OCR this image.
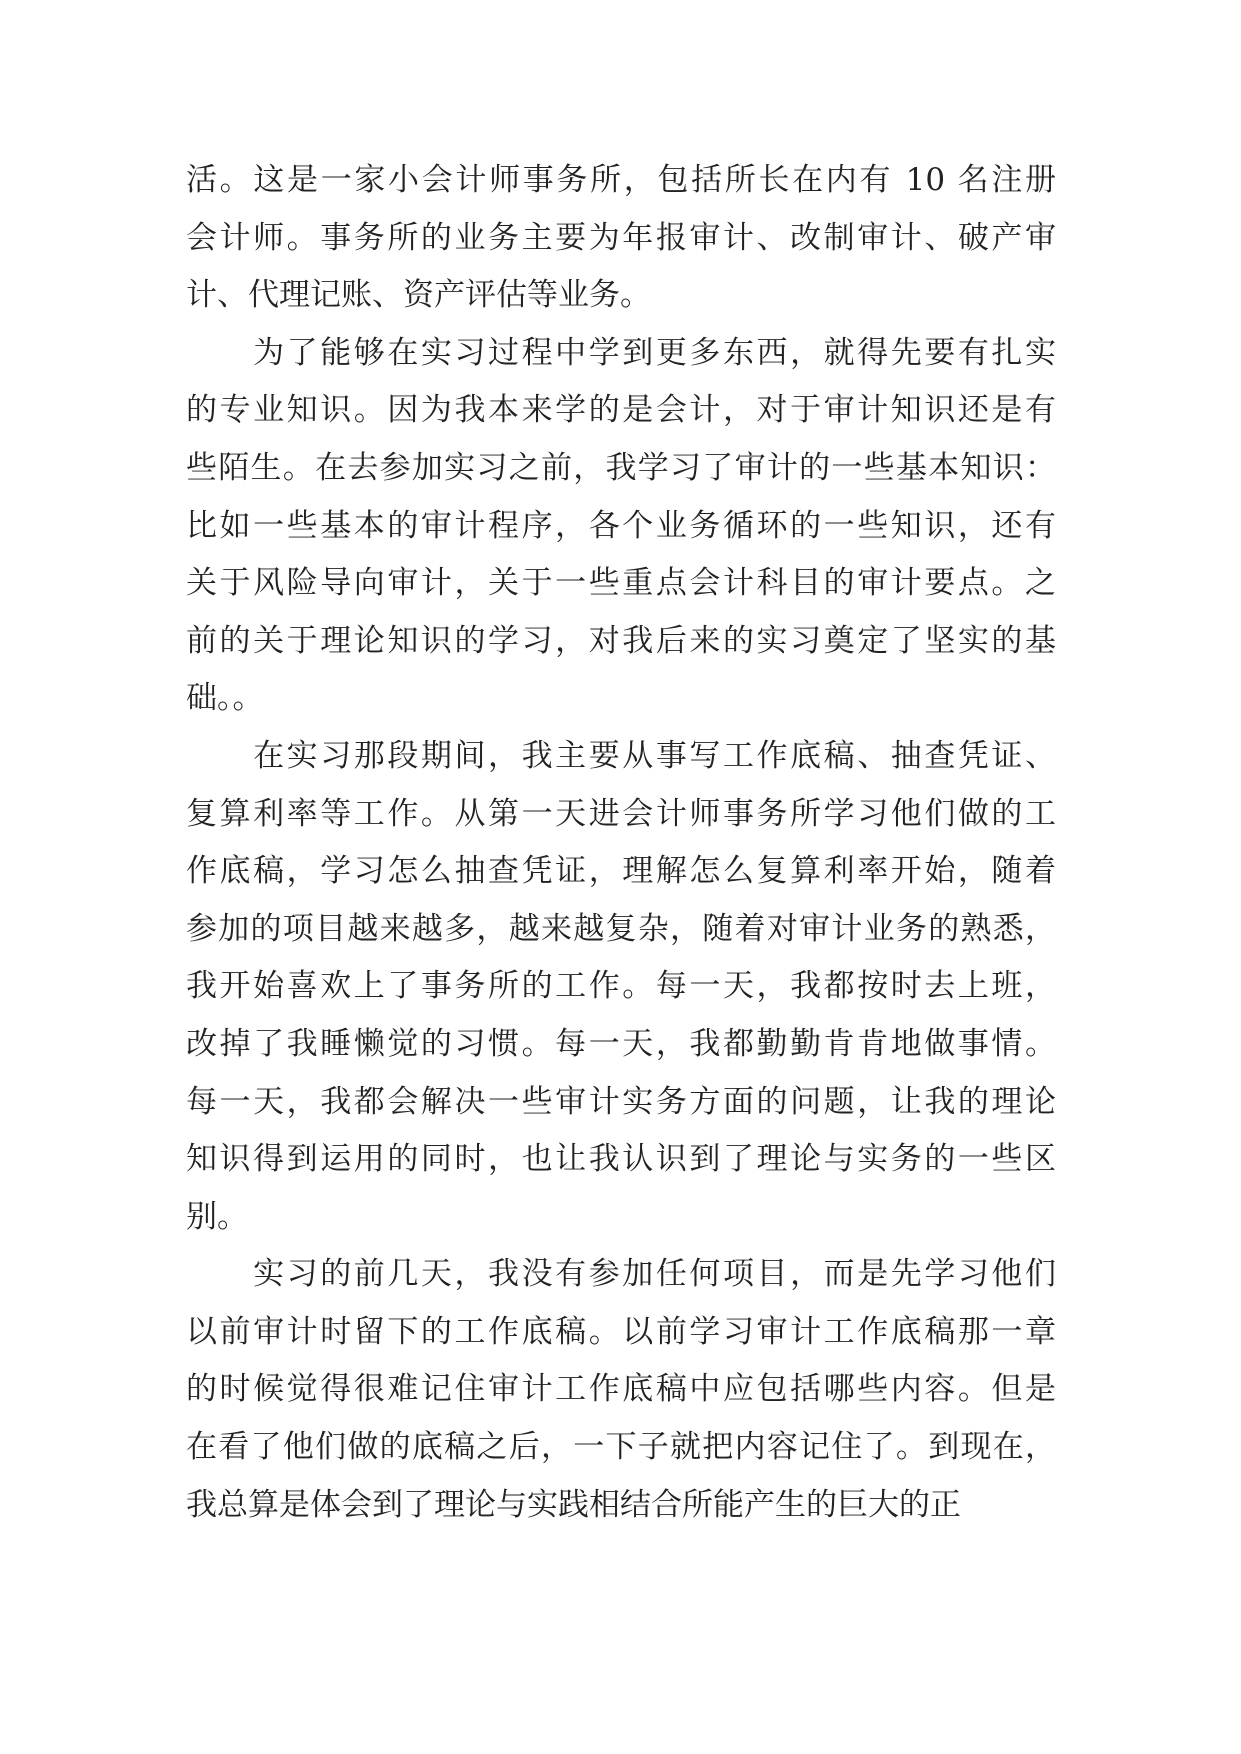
活。这是一家小会计师事务所，包括所长在内有 10 名注册
会计师。事务所的业务主要为年报审计、改制审计、破产审
计、代理记账、资产评估等业务。
　　为了能够在实习过程中学到更多东西，就得先要有扎实
的专业知识。因为我本来学的是会计，对于审计知识还是有
些陌生。在去参加实习之前，我学习了审计的一些基本知识：
比如一些基本的审计程序，各个业务循环的一些知识，还有
关于风险导向审计，关于一些重点会计科目的审计要点。之
前的关于理论知识的学习，对我后来的实习奠定了坚实的基
础。。
　　在实习那段期间，我主要从事写工作底稿、抽查凭证、
复算利率等工作。从第一天进会计师事务所学习他们做的工
作底稿，学习怎么抽查凭证，理解怎么复算利率开始，随着
参加的项目越来越多，越来越复杂，随着对审计业务的熟悉，
我开始喜欢上了事务所的工作。每一天，我都按时去上班，
改掉了我睡懒觉的习惯。每一天，我都勤勤肯肯地做事情。
每一天，我都会解决一些审计实务方面的问题，让我的理论
知识得到运用的同时，也让我认识到了理论与实务的一些区
别。
　　实习的前几天，我没有参加任何项目，而是先学习他们
以前审计时留下的工作底稿。以前学习审计工作底稿那一章
的时候觉得很难记住审计工作底稿中应包括哪些内容。但是
在看了他们做的底稿之后，一下子就把内容记住了。到现在，
我总算是体会到了理论与实践相结合所能产生的巨大的正
